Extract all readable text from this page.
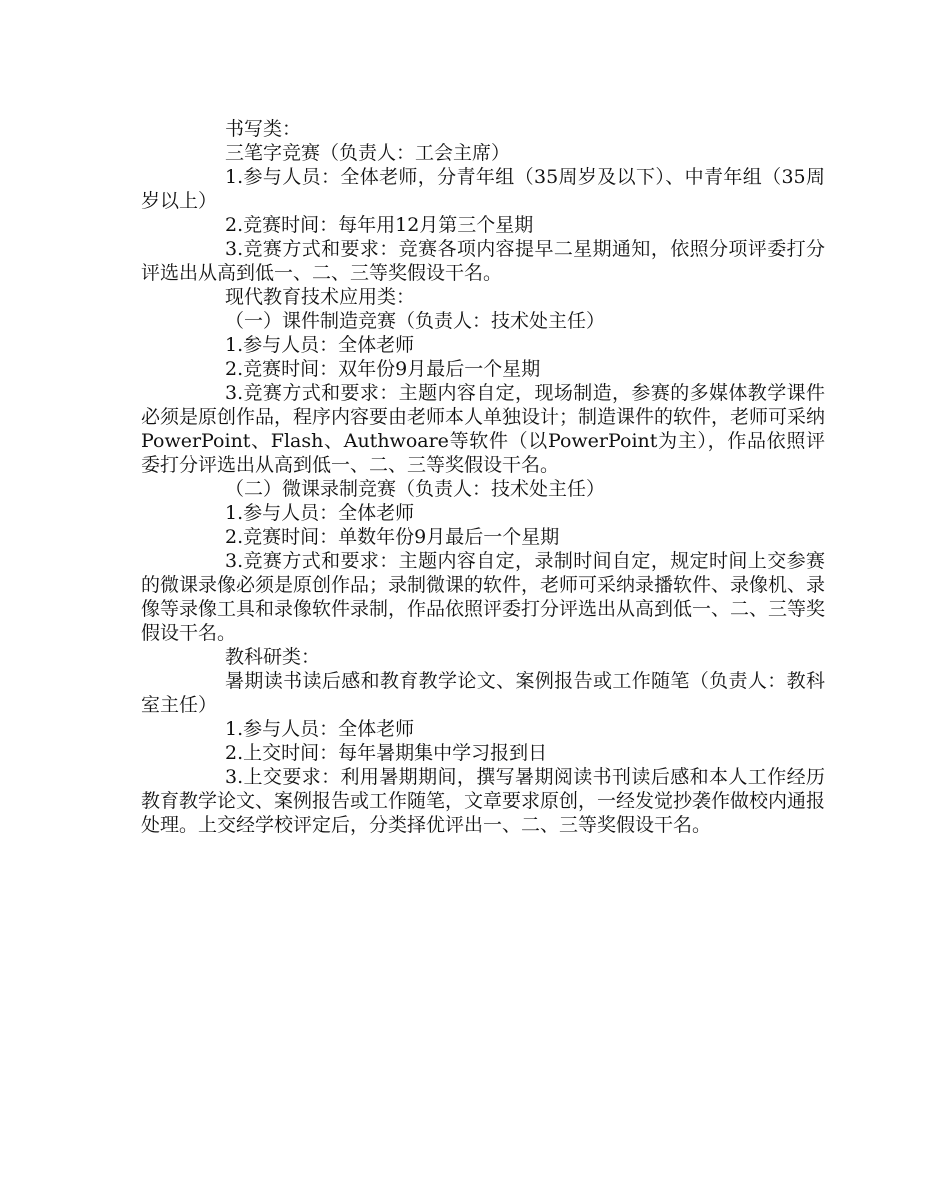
书写类：

三笔字竞赛（负责人：工会主席）

1.参与人员：全体老师，分青年组（35周岁及以下）、中青年组（35周岁以上）

2.竞赛时间：每年用12月第三个星期

3.竞赛方式和要求：竞赛各项内容提早二星期通知，依照分项评委打分评选出从高到低一、二、三等奖假设干名。

现代教育技术应用类：

（一）课件制造竞赛（负责人：技术处主任）

1.参与人员：全体老师

2.竞赛时间：双年份9月最后一个星期

3.竞赛方式和要求：主题内容自定，现场制造，参赛的多媒体教学课件必须是原创作品，程序内容要由老师本人单独设计；制造课件的软件，老师可采纳PowerPoint、Flash、Authwoare等软件（以PowerPoint为主），作品依照评委打分评选出从高到低一、二、三等奖假设干名。

（二）微课录制竞赛（负责人：技术处主任）

1.参与人员：全体老师

2.竞赛时间：单数年份9月最后一个星期

3.竞赛方式和要求：主题内容自定，录制时间自定，规定时间上交参赛的微课录像必须是原创作品；录制微课的软件，老师可采纳录播软件、录像机、录像等录像工具和录像软件录制，作品依照评委打分评选出从高到低一、二、三等奖假设干名。

教科研类：

暑期读书读后感和教育教学论文、案例报告或工作随笔（负责人：教科室主任）

1.参与人员：全体老师

2.上交时间：每年暑期集中学习报到日

3.上交要求：利用暑期期间，撰写暑期阅读书刊读后感和本人工作经历教育教学论文、案例报告或工作随笔，文章要求原创，一经发觉抄袭作做校内通报处理。上交经学校评定后，分类择优评出一、二、三等奖假设干名。
